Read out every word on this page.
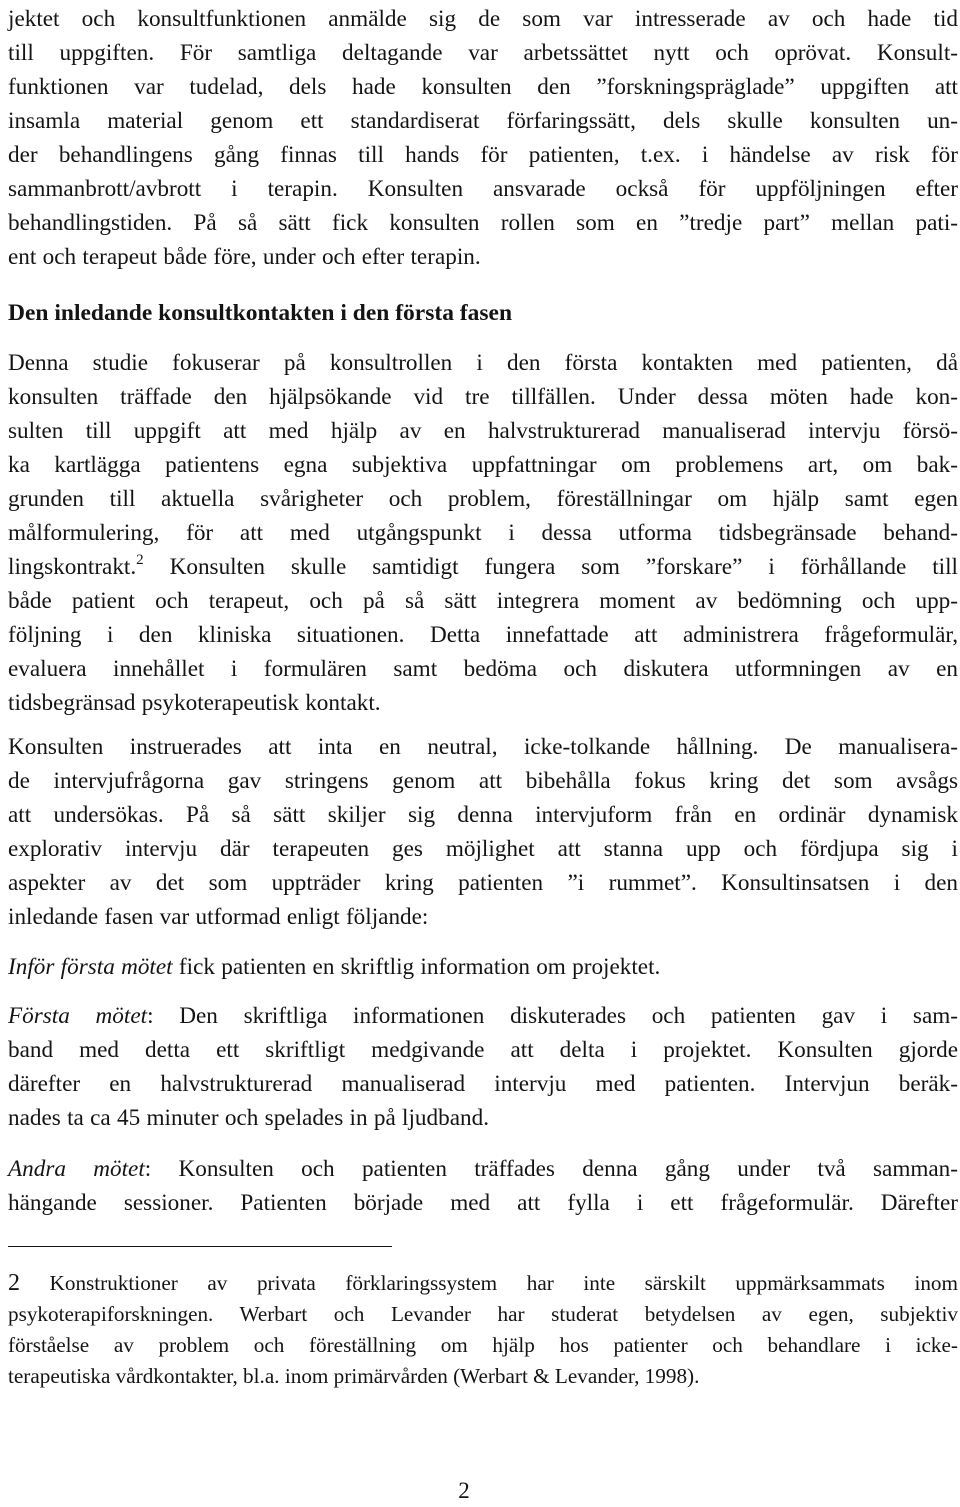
jektet och konsultfunktionen anmälde sig de som var intresserade av och hade tid
till uppgiften. För samtliga deltagande var arbetssättet nytt och oprövat. Konsult-
funktionen var tudelad, dels hade konsulten den ”forskningspräglade” uppgiften att
insamla material genom ett standardiserat förfaringssätt, dels skulle konsulten un-
der behandlingens gång finnas till hands för patienten, t.ex. i händelse av risk för
sammanbrott/avbrott i terapin. Konsulten ansvarade också för uppföljningen efter
behandlingstiden. På så sätt fick konsulten rollen som en ”tredje part” mellan pati-
ent och terapeut både före, under och efter terapin.
Den inledande konsultkontakten i den första fasen
Denna studie fokuserar på konsultrollen i den första kontakten med patienten, då
konsulten träffade den hjälpsökande vid tre tillfällen. Under dessa möten hade kon-
sulten till uppgift att med hjälp av en halvstrukturerad manualiserad intervju försö-
ka kartlägga patientens egna subjektiva uppfattningar om problemens art, om bak-
grunden till aktuella svårigheter och problem, föreställningar om hjälp samt egen
målformulering, för att med utgångspunkt i dessa utforma tidsbegränsade behand-
lingskontrakt.$^2$ Konsulten skulle samtidigt fungera som ”forskare” i förhållande till
både patient och terapeut, och på så sätt integrera moment av bedömning och upp-
följning i den kliniska situationen. Detta innefattade att administrera frågeformulär,
evaluera innehållet i formulären samt bedöma och diskutera utformningen av en
tidsbegränsad psykoterapeutisk kontakt.
Konsulten instruerades att inta en neutral, icke-tolkande hållning. De manualisera-
de intervjufrågorna gav stringens genom att bibehålla fokus kring det som avsågs
att undersökas. På så sätt skiljer sig denna intervjuform från en ordinär dynamisk
explorativ intervju där terapeuten ges möjlighet att stanna upp och fördjupa sig i
aspekter av det som uppträder kring patienten ”i rummet”. Konsultinsatsen i den
inledande fasen var utformad enligt följande:
Inför första mötet fick patienten en skriftlig information om projektet.
Första mötet: Den skriftliga informationen diskuterades och patienten gav i sam-
band med detta ett skriftligt medgivande att delta i projektet. Konsulten gjorde
därefter en halvstrukturerad manualiserad intervju med patienten. Intervjun beräk-
nades ta ca 45 minuter och spelades in på ljudband.
Andra mötet: Konsulten och patienten träffades denna gång under två samman-
hängande sessioner. Patienten började med att fylla i ett frågeformulär. Därefter
2 Konstruktioner av privata förklaringssystem har inte särskilt uppmärksammats inom
psykoterapiforskningen. Werbart och Levander har studerat betydelsen av egen, subjektiv
förståelse av problem och föreställning om hjälp hos patienter och behandlare i icke-
terapeutiska vårdkontakter, bl.a. inom primärvården (Werbart & Levander, 1998).
2
